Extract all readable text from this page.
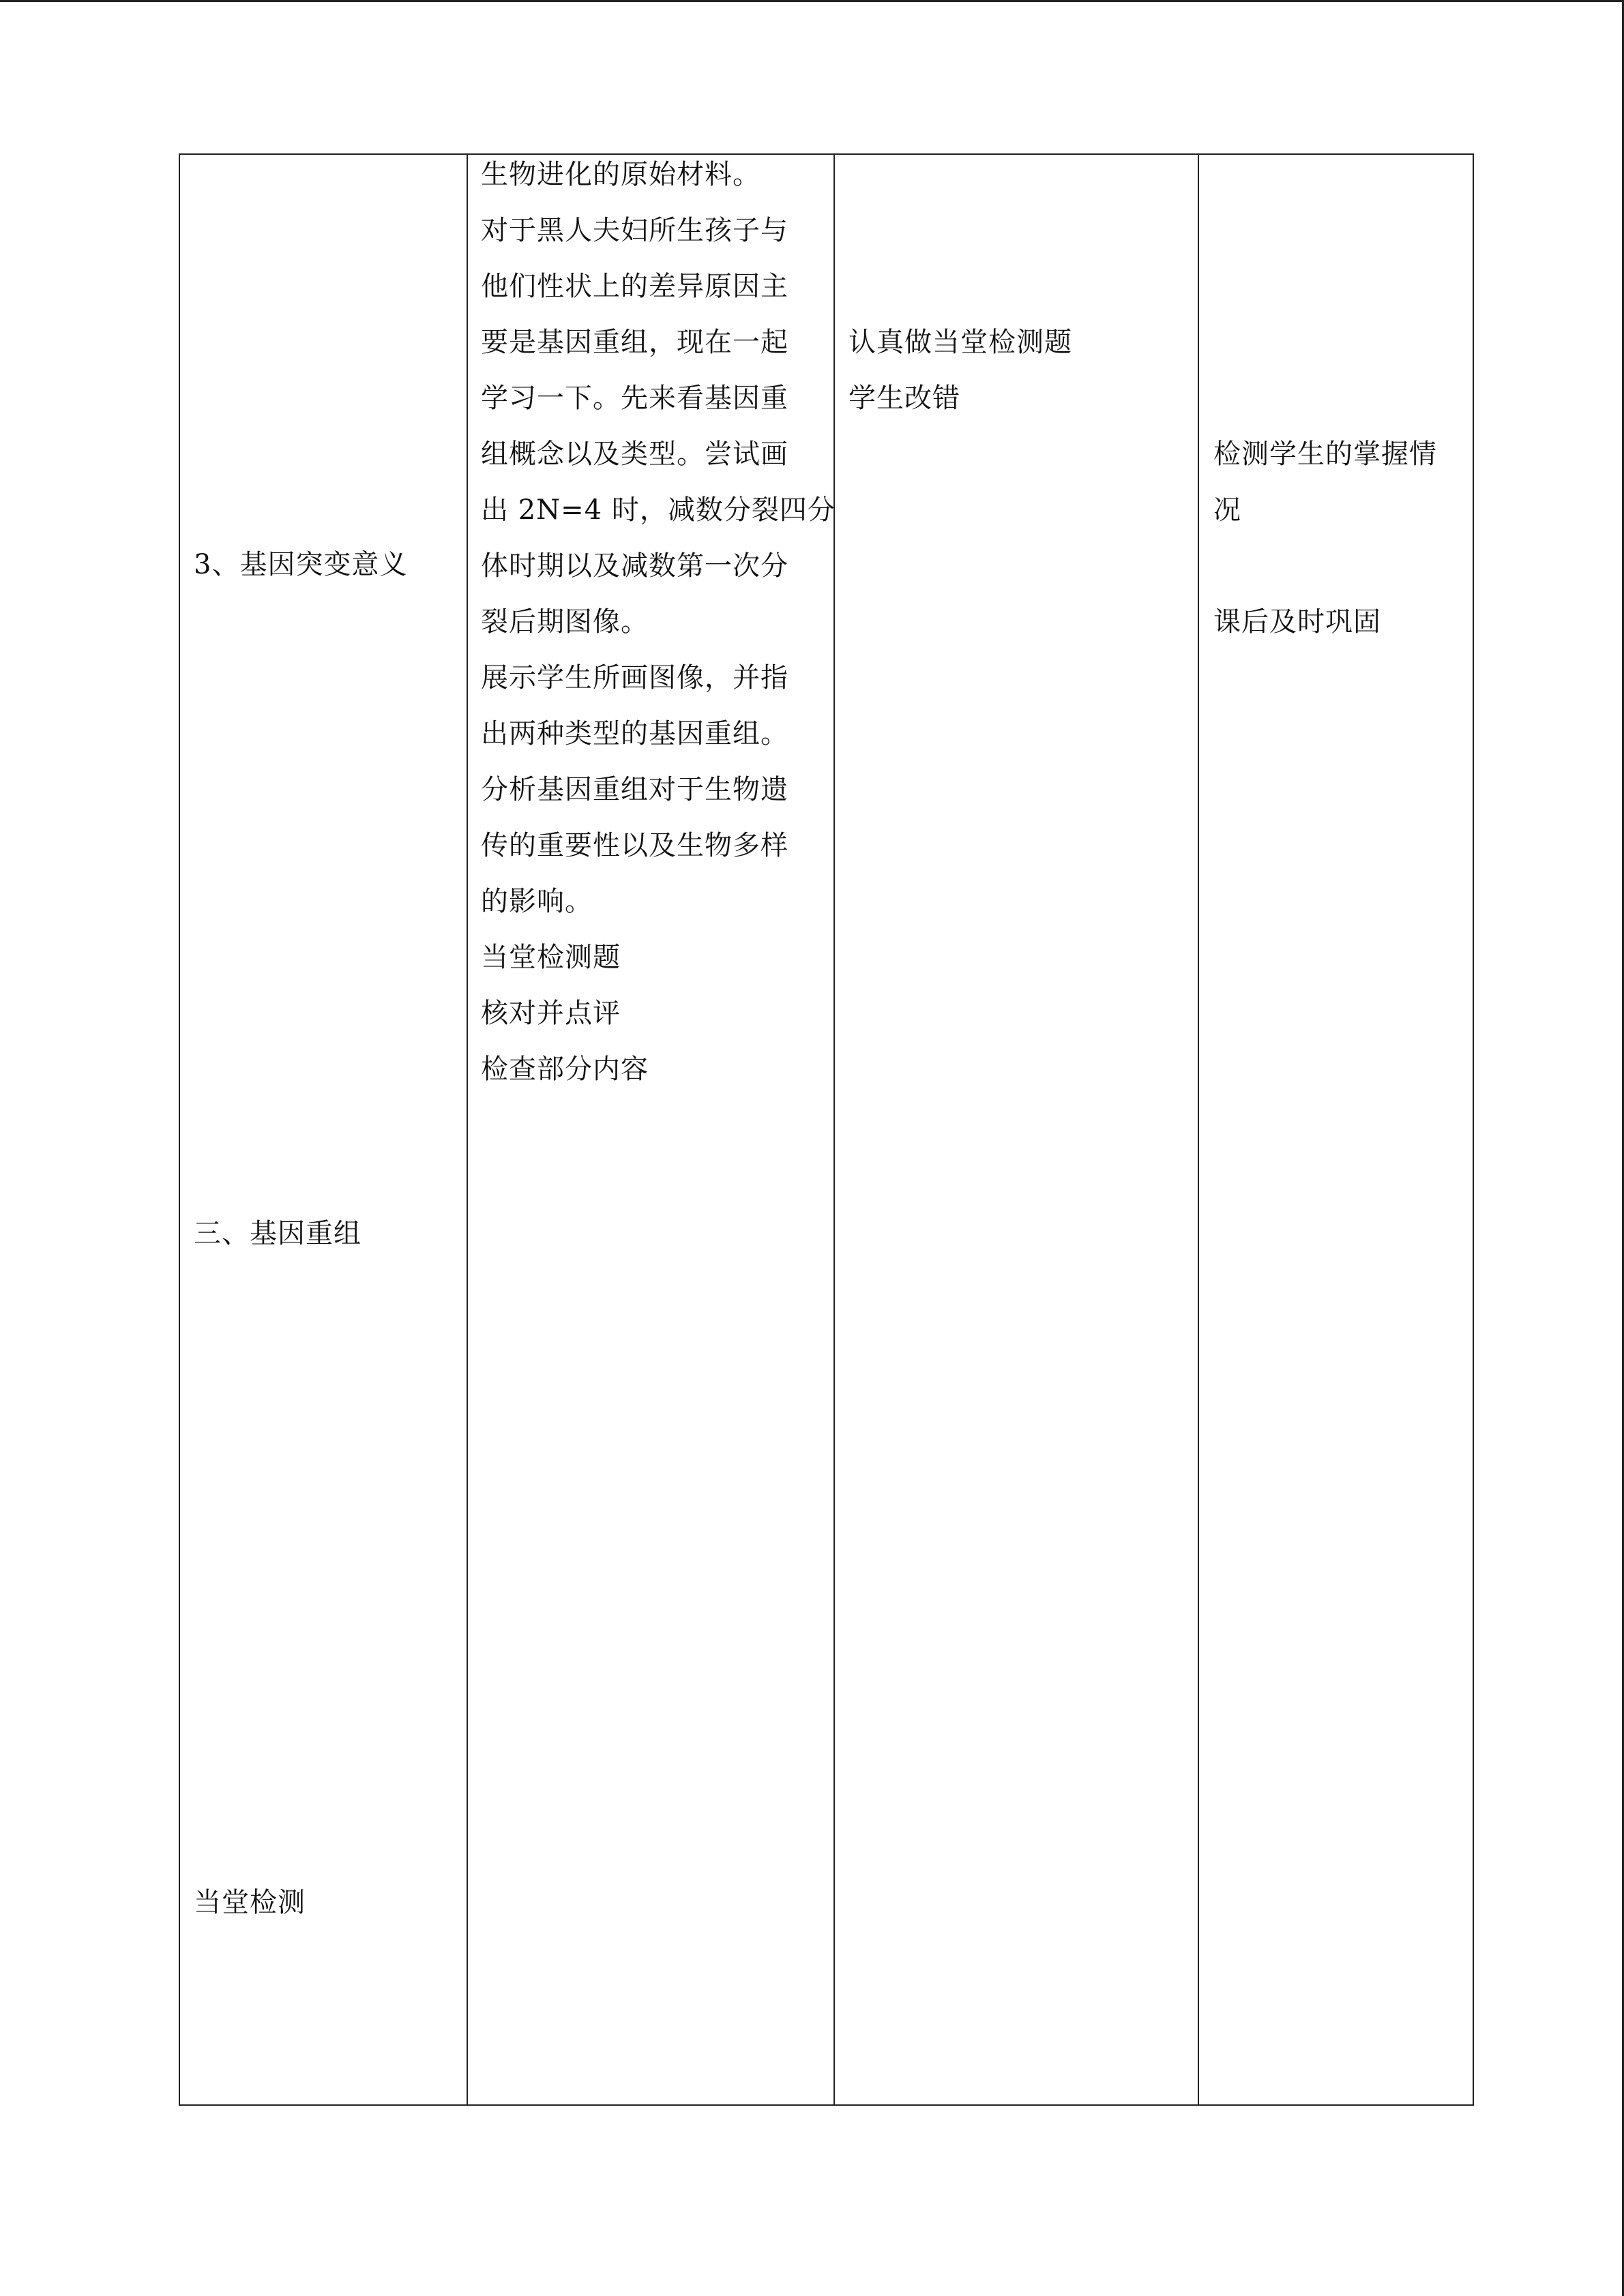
3、基因突变意义
三、基因重组
当堂检测
生物进化的原始材料。
对于黑人夫妇所生孩子与
他们性状上的差异原因主
要是基因重组，现在一起
学习一下。先来看基因重
组概念以及类型。尝试画
出 2N=4 时，减数分裂四分
体时期以及减数第一次分
裂后期图像。
展示学生所画图像，并指
出两种类型的基因重组。
分析基因重组对于生物遗
传的重要性以及生物多样
的影响。
当堂检测题
核对并点评
检查部分内容
认真做当堂检测题
学生改错
检测学生的掌握情
况
课后及时巩固
